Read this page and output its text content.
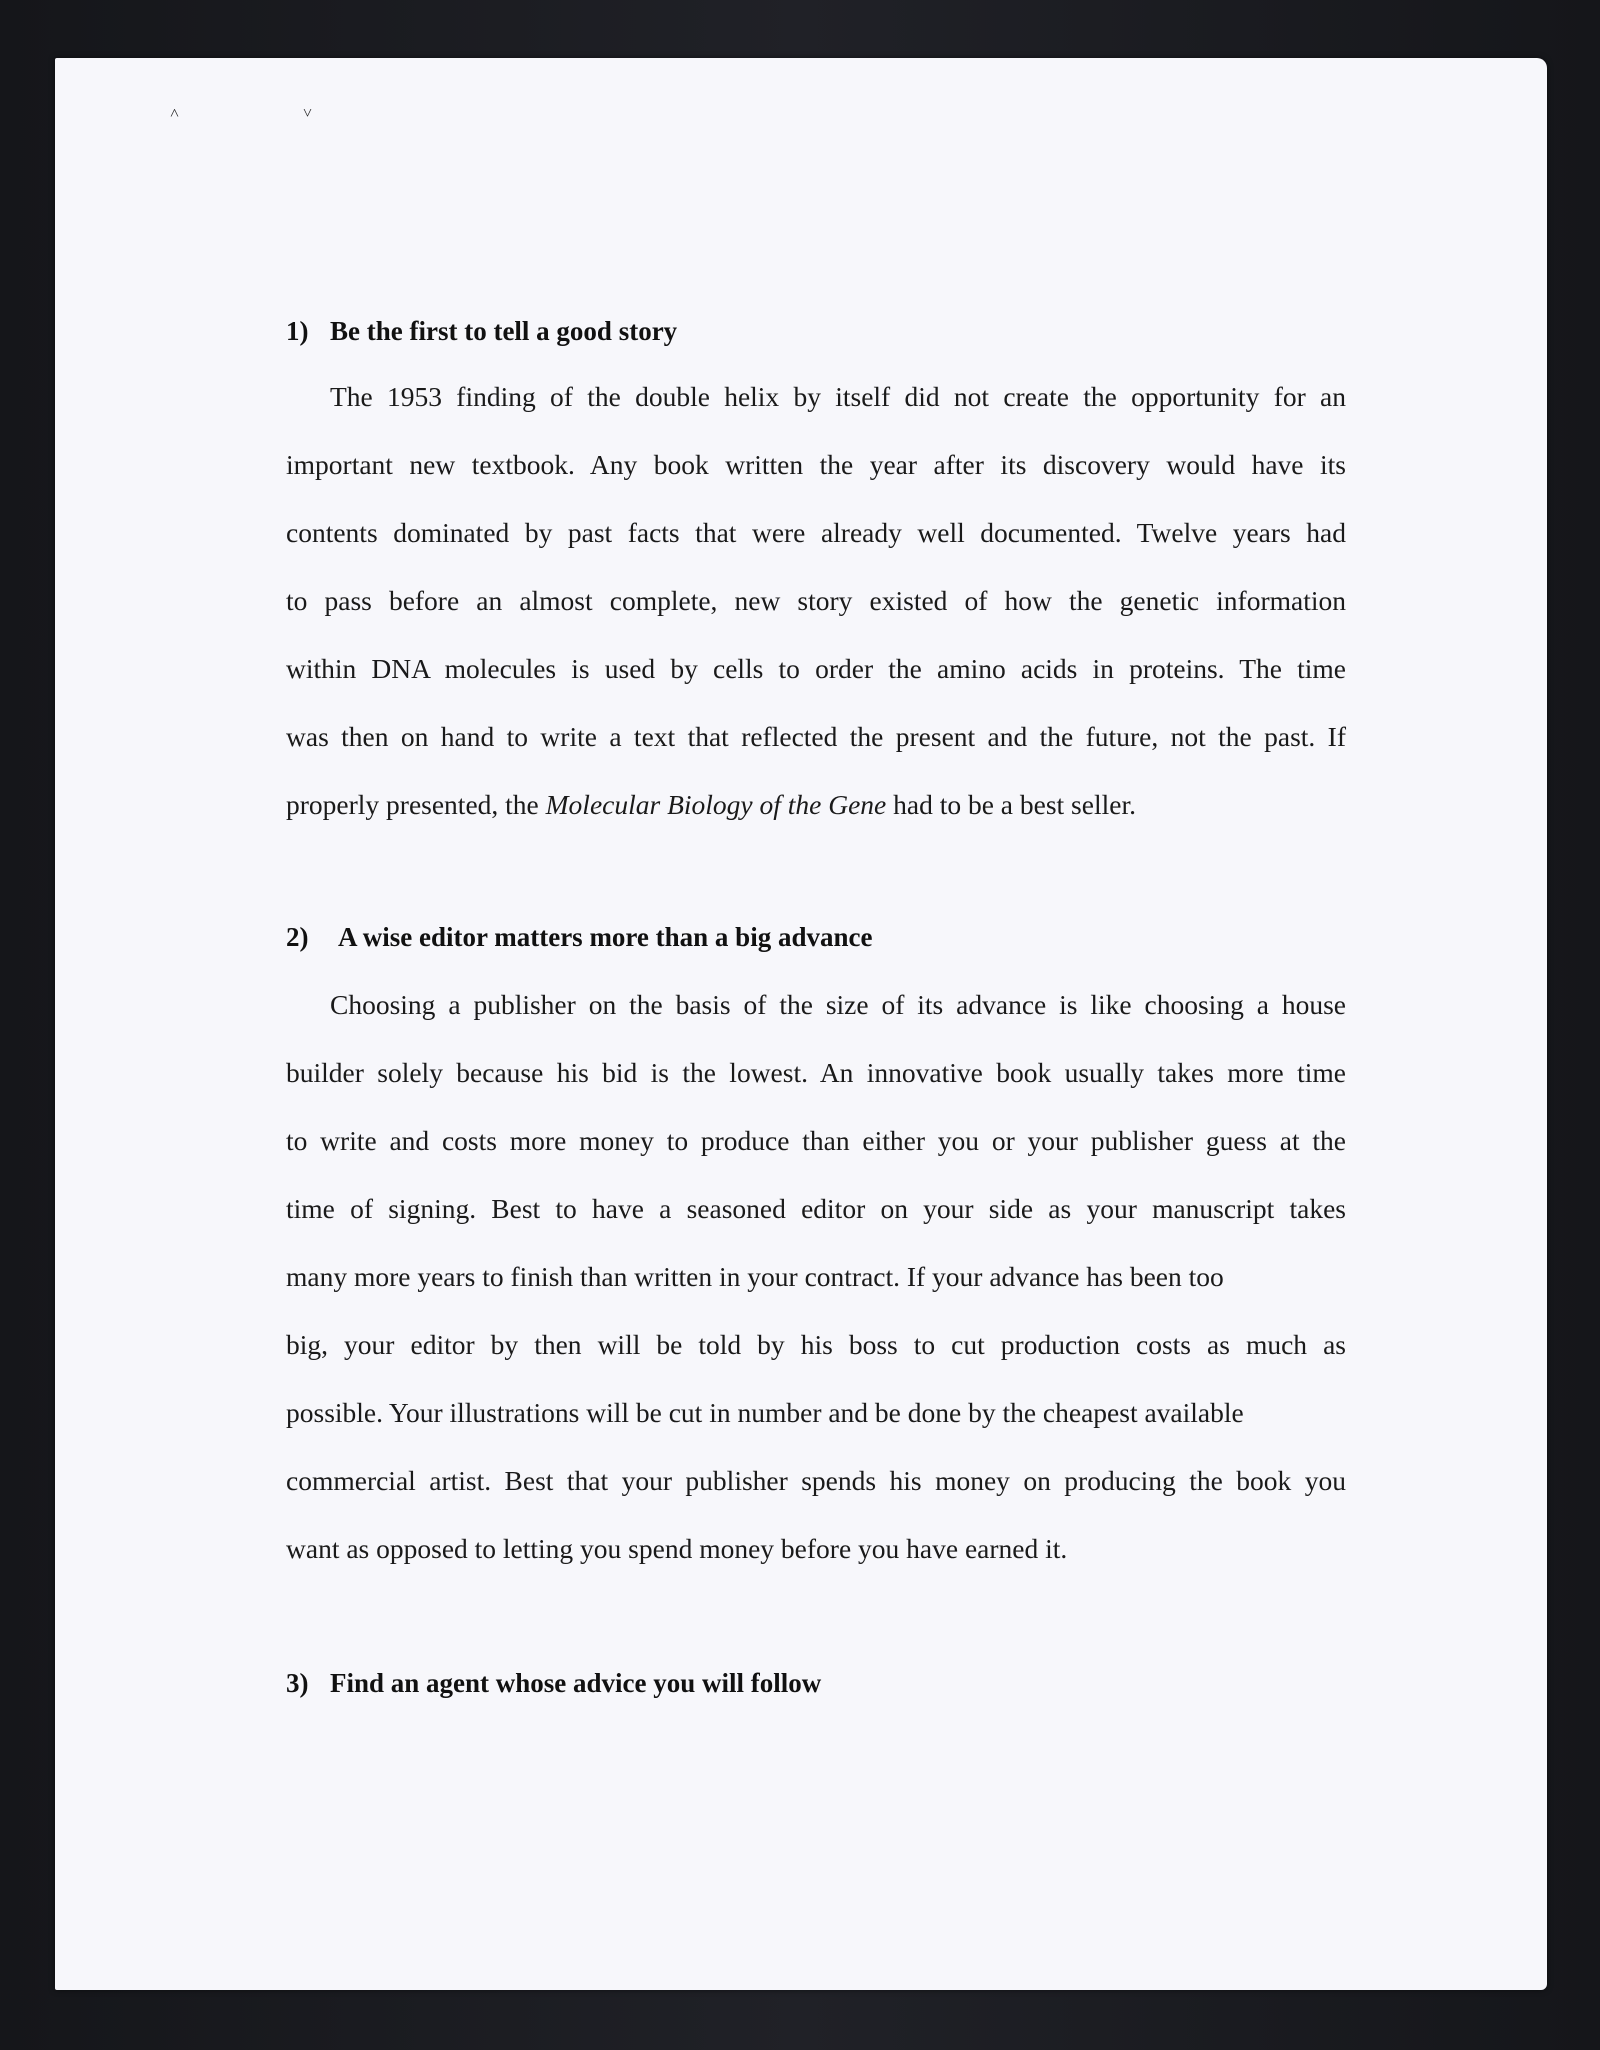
˄ ˅
1) Be the first to tell a good story
The 1953 finding of the double helix by itself did not create the opportunity for an
important new textbook. Any book written the year after its discovery would have its
contents dominated by past facts that were already well documented. Twelve years had
to pass before an almost complete, new story existed of how the genetic information
within DNA molecules is used by cells to order the amino acids in proteins. The time
was then on hand to write a text that reflected the present and the future, not the past. If
properly presented, the Molecular Biology of the Gene had to be a best seller.
2) A wise editor matters more than a big advance
Choosing a publisher on the basis of the size of its advance is like choosing a house
builder solely because his bid is the lowest. An innovative book usually takes more time
to write and costs more money to produce than either you or your publisher guess at the
time of signing. Best to have a seasoned editor on your side as your manuscript takes
many more years to finish than written in your contract. If your advance has been too
big, your editor by then will be told by his boss to cut production costs as much as
possible. Your illustrations will be cut in number and be done by the cheapest available
commercial artist. Best that your publisher spends his money on producing the book you
want as opposed to letting you spend money before you have earned it.
3) Find an agent whose advice you will follow
